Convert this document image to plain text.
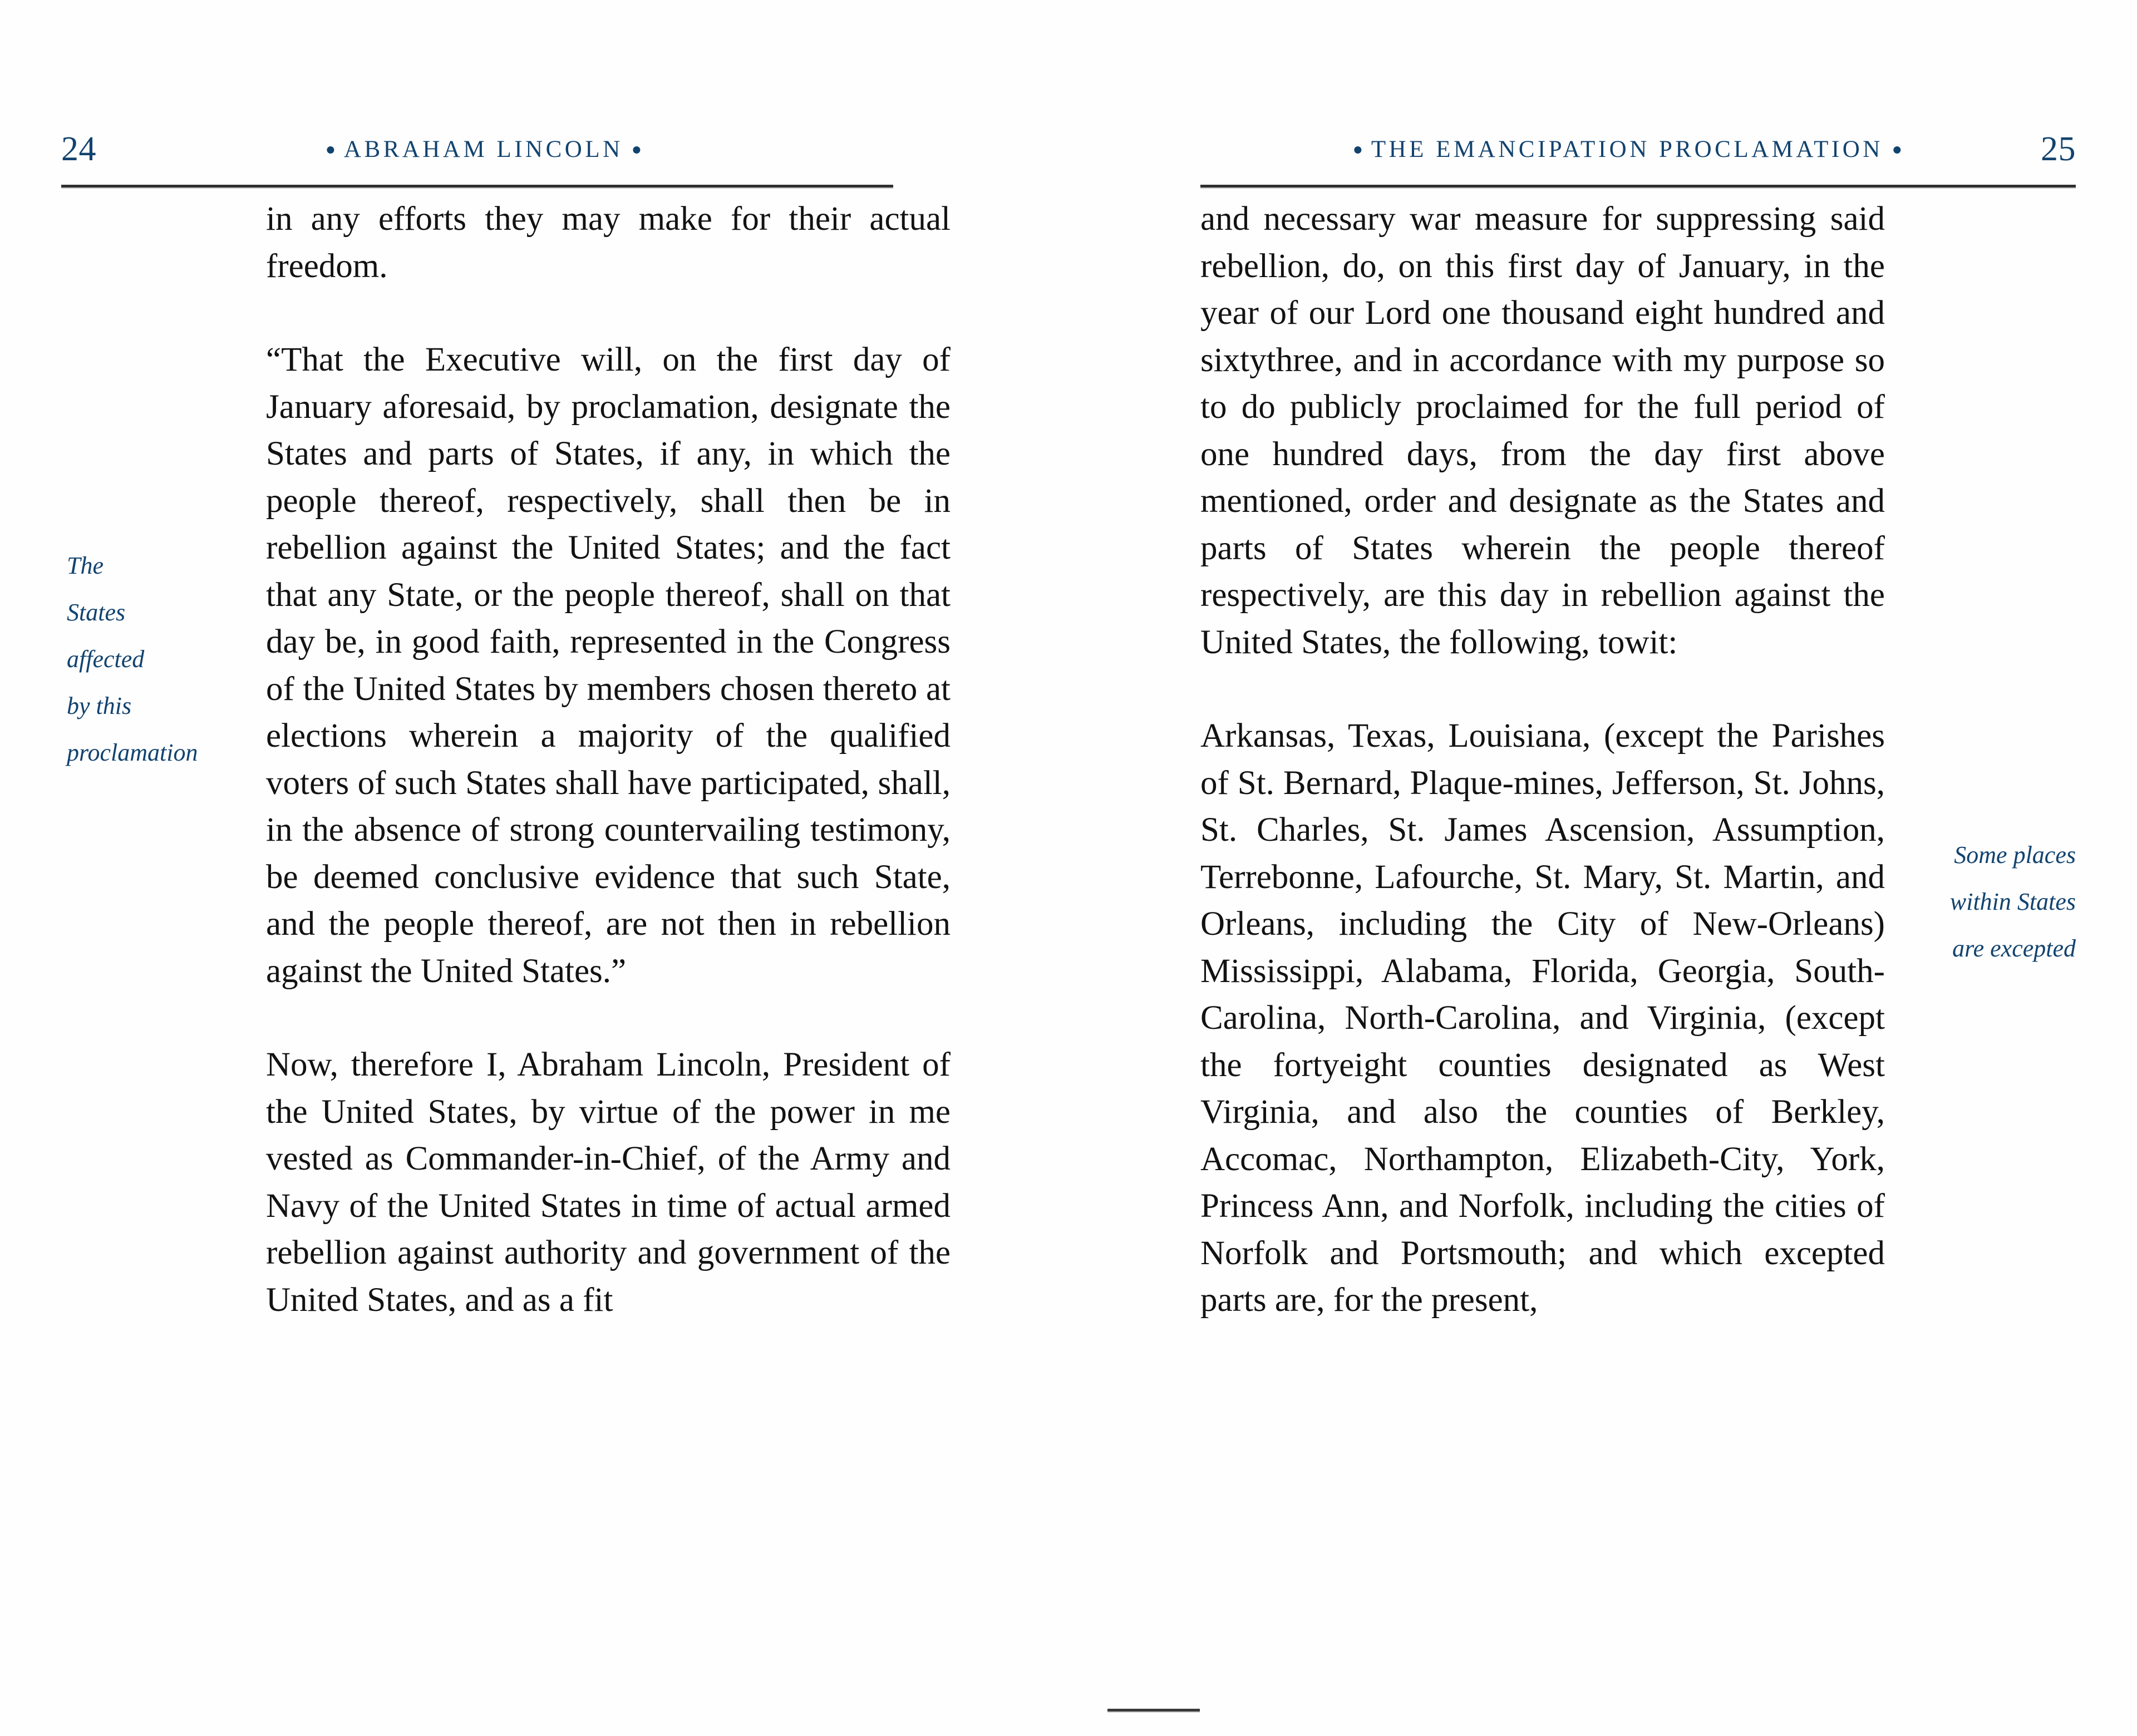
24	ABRAHAM LINCOLN
The
States
affected
by this
proclamation

in any efforts they may make for their actual freedom.

“That the Executive will, on the first day of January aforesaid, by proclamation, designate the States and parts of States, if any, in which the people thereof, respectively, shall then be in rebellion against the United States; and the fact that any State, or the people thereof, shall on that day be, in good faith, represented in the Congress of the United States by members chosen thereto at elections wherein a majority of the qualified voters of such States shall have participated, shall, in the absence of strong countervailing testimony, be deemed conclusive evidence that such State, and the people thereof, are not then in rebellion against the United States.”

Now, therefore I, Abraham Lincoln, President of the United States, by virtue of the power in me vested as Commander-in-Chief, of the Army and Navy of the United States in time of actual armed rebellion against authority and government of the United States, and as a fit

THE EMANCIPATION PROCLAMATION	25
Some places
within States
are excepted

and necessary war measure for suppressing said rebellion, do, on this first day of January, in the year of our Lord one thousand eight hundred and sixtythree, and in accordance with my purpose so to do publicly proclaimed for the full period of one hundred days, from the day first above mentioned, order and designate as the States and parts of States wherein the people thereof respectively, are this day in rebellion against the United States, the following, towit:

Arkansas, Texas, Louisiana, (except the Parishes of St. Bernard, Plaque-mines, Jefferson, St. Johns, St. Charles, St. James Ascension, Assumption, Terrebonne, Lafourche, St. Mary, St. Martin, and Orleans, including the City of New-Orleans) Mississippi, Alabama, Florida, Georgia, South-Carolina, North-Carolina, and Virginia, (except the fortyeight counties designated as West Virginia, and also the counties of Berkley, Accomac, Northampton, Elizabeth-City, York, Princess Ann, and Norfolk, including the cities of Norfolk and Portsmouth; and which excepted parts are, for the present,
